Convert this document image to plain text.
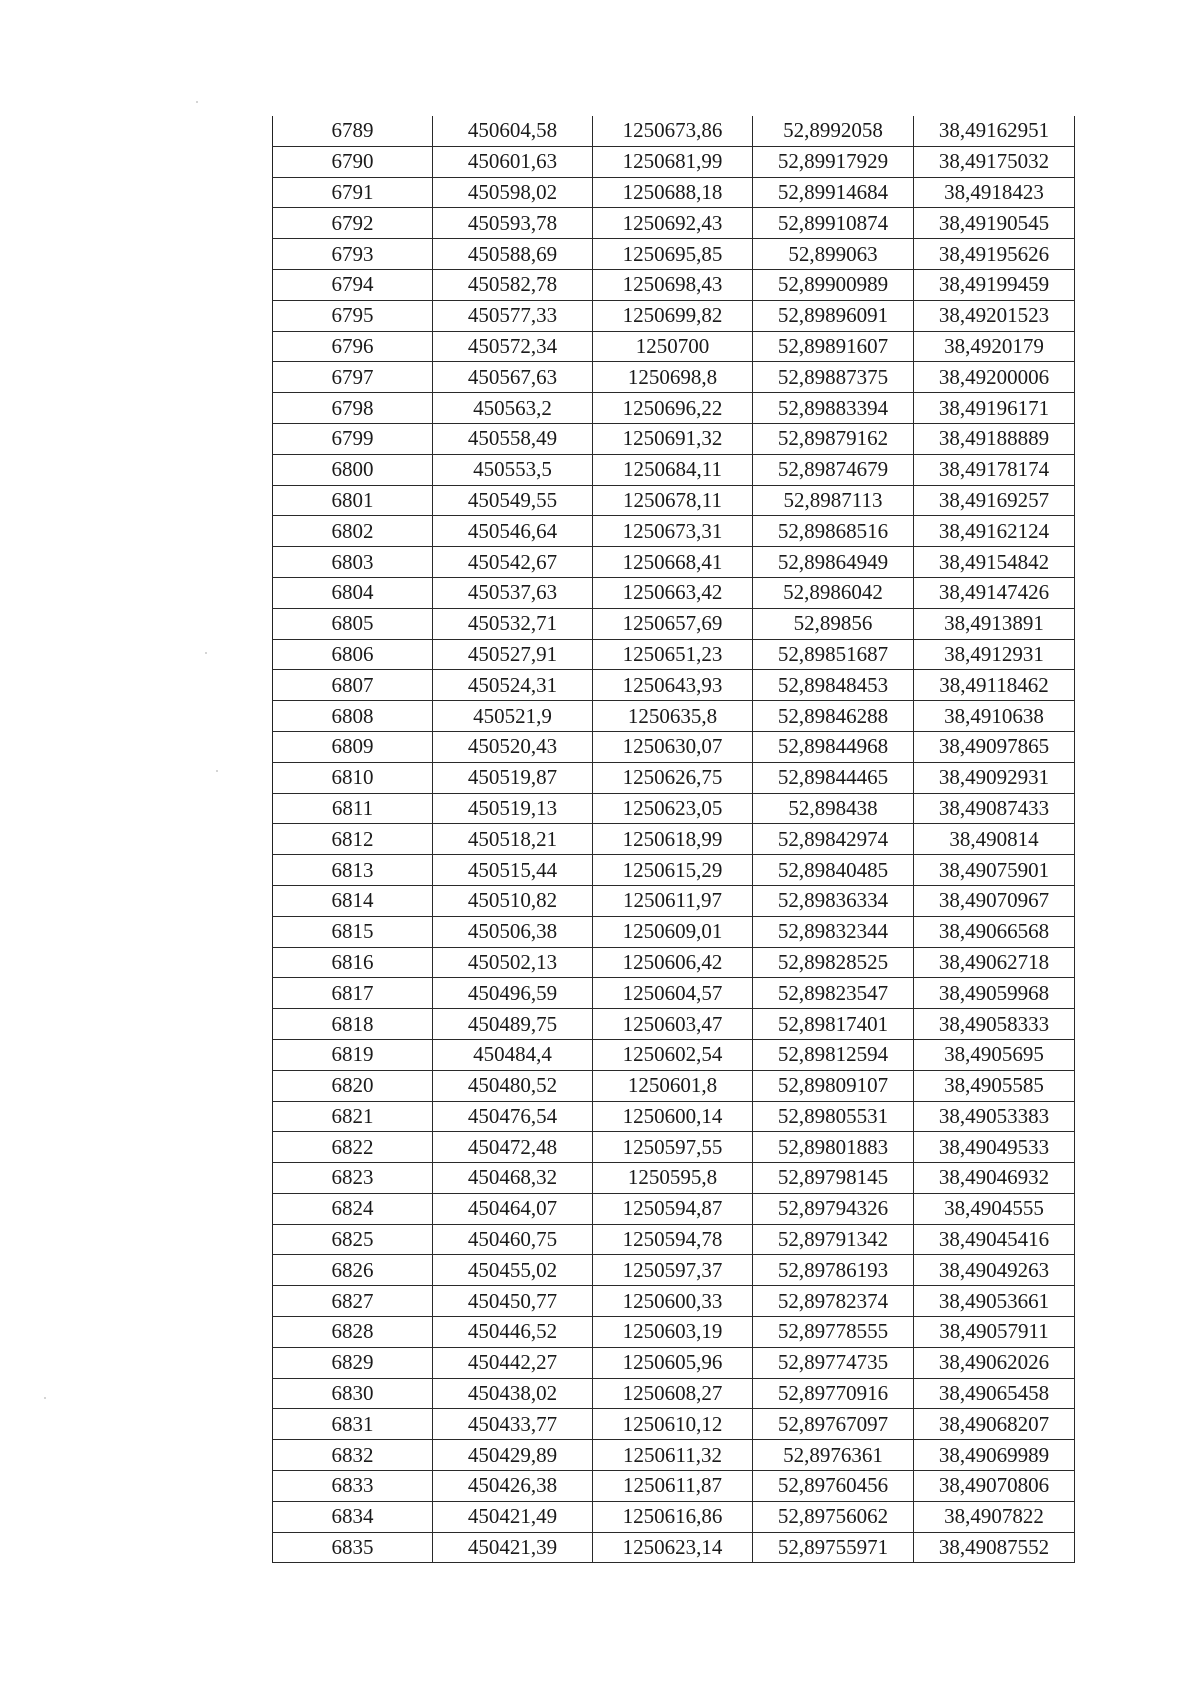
6789	450604,58	1250673,86	52,8992058	38,49162951
6790	450601,63	1250681,99	52,89917929	38,49175032
6791	450598,02	1250688,18	52,89914684	38,4918423
6792	450593,78	1250692,43	52,89910874	38,49190545
6793	450588,69	1250695,85	52,899063	38,49195626
6794	450582,78	1250698,43	52,89900989	38,49199459
6795	450577,33	1250699,82	52,89896091	38,49201523
6796	450572,34	1250700	52,89891607	38,4920179
6797	450567,63	1250698,8	52,89887375	38,49200006
6798	450563,2	1250696,22	52,89883394	38,49196171
6799	450558,49	1250691,32	52,89879162	38,49188889
6800	450553,5	1250684,11	52,89874679	38,49178174
6801	450549,55	1250678,11	52,8987113	38,49169257
6802	450546,64	1250673,31	52,89868516	38,49162124
6803	450542,67	1250668,41	52,89864949	38,49154842
6804	450537,63	1250663,42	52,8986042	38,49147426
6805	450532,71	1250657,69	52,89856	38,4913891
6806	450527,91	1250651,23	52,89851687	38,4912931
6807	450524,31	1250643,93	52,89848453	38,49118462
6808	450521,9	1250635,8	52,89846288	38,4910638
6809	450520,43	1250630,07	52,89844968	38,49097865
6810	450519,87	1250626,75	52,89844465	38,49092931
6811	450519,13	1250623,05	52,898438	38,49087433
6812	450518,21	1250618,99	52,89842974	38,490814
6813	450515,44	1250615,29	52,89840485	38,49075901
6814	450510,82	1250611,97	52,89836334	38,49070967
6815	450506,38	1250609,01	52,89832344	38,49066568
6816	450502,13	1250606,42	52,89828525	38,49062718
6817	450496,59	1250604,57	52,89823547	38,49059968
6818	450489,75	1250603,47	52,89817401	38,49058333
6819	450484,4	1250602,54	52,89812594	38,4905695
6820	450480,52	1250601,8	52,89809107	38,4905585
6821	450476,54	1250600,14	52,89805531	38,49053383
6822	450472,48	1250597,55	52,89801883	38,49049533
6823	450468,32	1250595,8	52,89798145	38,49046932
6824	450464,07	1250594,87	52,89794326	38,4904555
6825	450460,75	1250594,78	52,89791342	38,49045416
6826	450455,02	1250597,37	52,89786193	38,49049263
6827	450450,77	1250600,33	52,89782374	38,49053661
6828	450446,52	1250603,19	52,89778555	38,49057911
6829	450442,27	1250605,96	52,89774735	38,49062026
6830	450438,02	1250608,27	52,89770916	38,49065458
6831	450433,77	1250610,12	52,89767097	38,49068207
6832	450429,89	1250611,32	52,8976361	38,49069989
6833	450426,38	1250611,87	52,89760456	38,49070806
6834	450421,49	1250616,86	52,89756062	38,4907822
6835	450421,39	1250623,14	52,89755971	38,49087552
